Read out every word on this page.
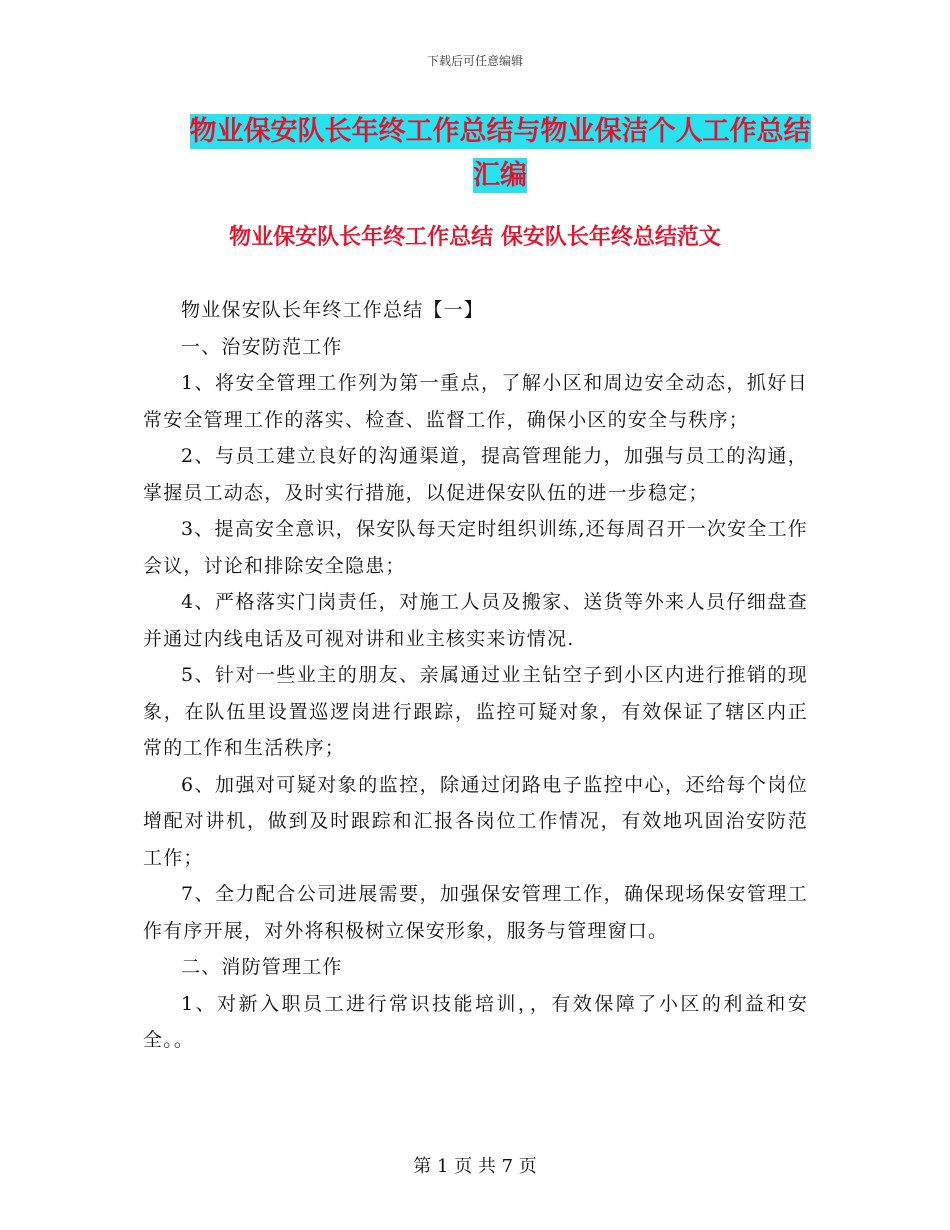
下载后可任意编辑
物业保安队长年终工作总结与物业保洁个人工作总结
汇编
物业保安队长年终工作总结 保安队长年终总结范文

物业保安队长年终工作总结【一】

一、治安防范工作

1、将安全管理工作列为第一重点，了解小区和周边安全动态，抓好日常安全管理工作的落实、检查、监督工作，确保小区的安全与秩序；

2、与员工建立良好的沟通渠道，提高管理能力，加强与员工的沟通，掌握员工动态，及时实行措施，以促进保安队伍的进一步稳定；

3、提高安全意识，保安队每天定时组织训练,还每周召开一次安全工作会议，讨论和排除安全隐患；

4、严格落实门岗责任，对施工人员及搬家、送货等外来人员仔细盘查并通过内线电话及可视对讲和业主核实来访情况.

5、针对一些业主的朋友、亲属通过业主钻空子到小区内进行推销的现象，在队伍里设置巡逻岗进行跟踪，监控可疑对象，有效保证了辖区内正常的工作和生活秩序；

6、加强对可疑对象的监控，除通过闭路电子监控中心，还给每个岗位增配对讲机，做到及时跟踪和汇报各岗位工作情况，有效地巩固治安防范工作；

7、全力配合公司进展需要，加强保安管理工作，确保现场保安管理工作有序开展，对外将积极树立保安形象，服务与管理窗口。

二、消防管理工作

1、对新入职员工进行常识技能培训，，有效保障了小区的利益和安全。。

第 1 页 共 7 页
